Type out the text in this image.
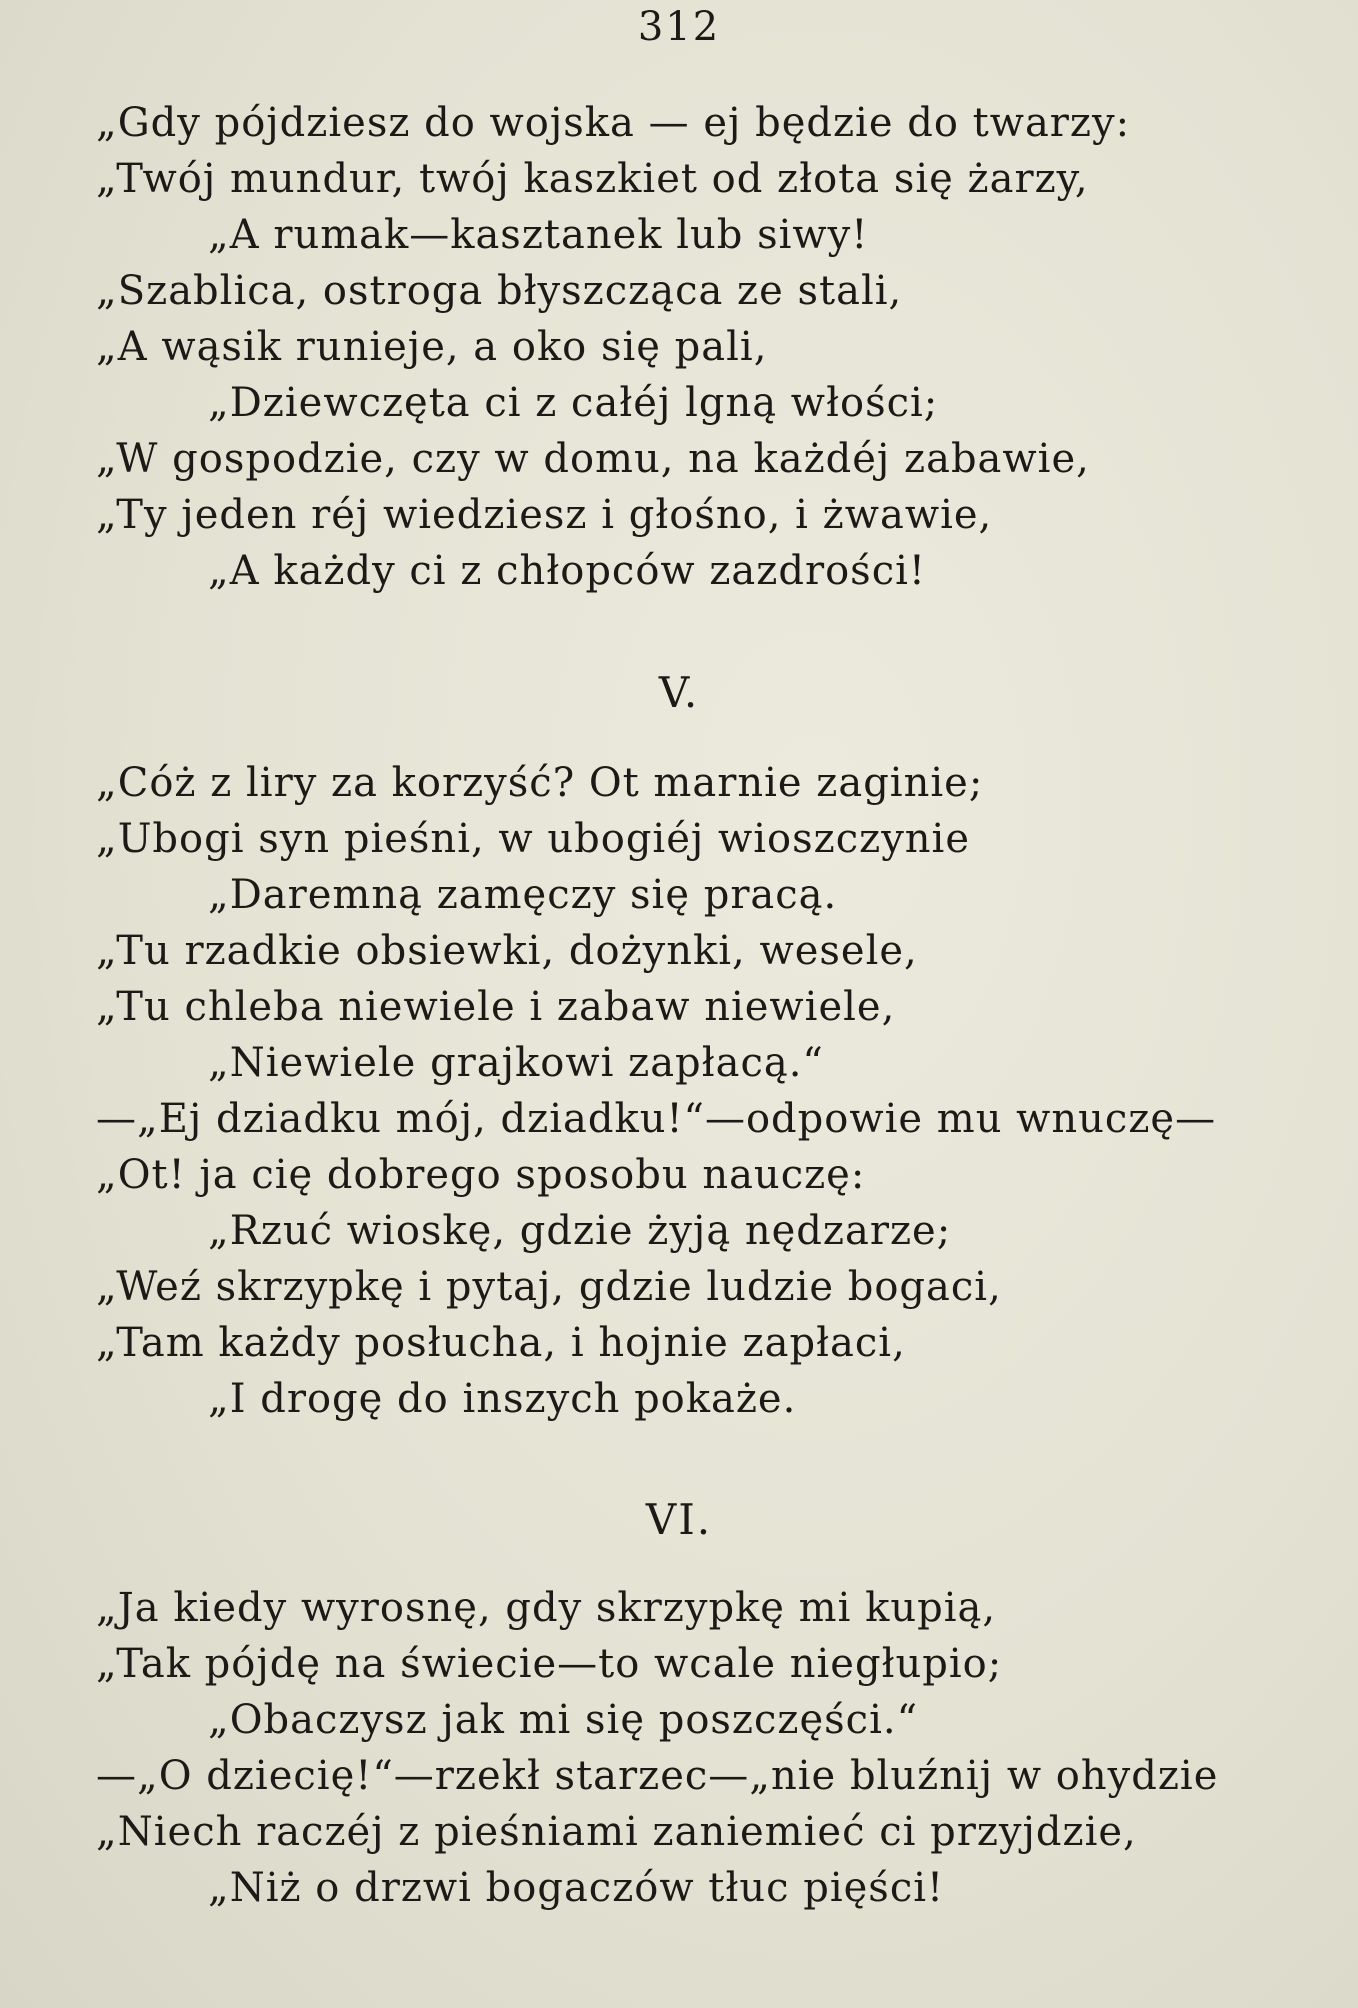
312
„Gdy pójdziesz do wojska — ej będzie do twarzy:
„Twój mundur, twój kaszkiet od złota się żarzy,
„A rumak—kasztanek lub siwy!
„Szablica, ostroga błyszcząca ze stali,
„A wąsik runieje, a oko się pali,
„Dziewczęta ci z całéj lgną włości;
„W gospodzie, czy w domu, na każdéj zabawie,
„Ty jeden réj wiedziesz i głośno, i żwawie,
„A każdy ci z chłopców zazdrości!
V.
„Cóż z liry za korzyść? Ot marnie zaginie;
„Ubogi syn pieśni, w ubogiéj wioszczynie
„Daremną zamęczy się pracą.
„Tu rzadkie obsiewki, dożynki, wesele,
„Tu chleba niewiele i zabaw niewiele,
„Niewiele grajkowi zapłacą.“
—„Ej dziadku mój, dziadku!“—odpowie mu wnuczę—
„Ot! ja cię dobrego sposobu nauczę:
„Rzuć wioskę, gdzie żyją nędzarze;
„Weź skrzypkę i pytaj, gdzie ludzie bogaci,
„Tam każdy posłucha, i hojnie zapłaci,
„I drogę do inszych pokaże.
VI.
„Ja kiedy wyrosnę, gdy skrzypkę mi kupią,
„Tak pójdę na świecie—to wcale niegłupio;
„Obaczysz jak mi się poszczęści.“
—„O dziecię!“—rzekł starzec—„nie bluźnij w ohydzie
„Niech raczéj z pieśniami zaniemieć ci przyjdzie,
„Niż o drzwi bogaczów tłuc pięści!
